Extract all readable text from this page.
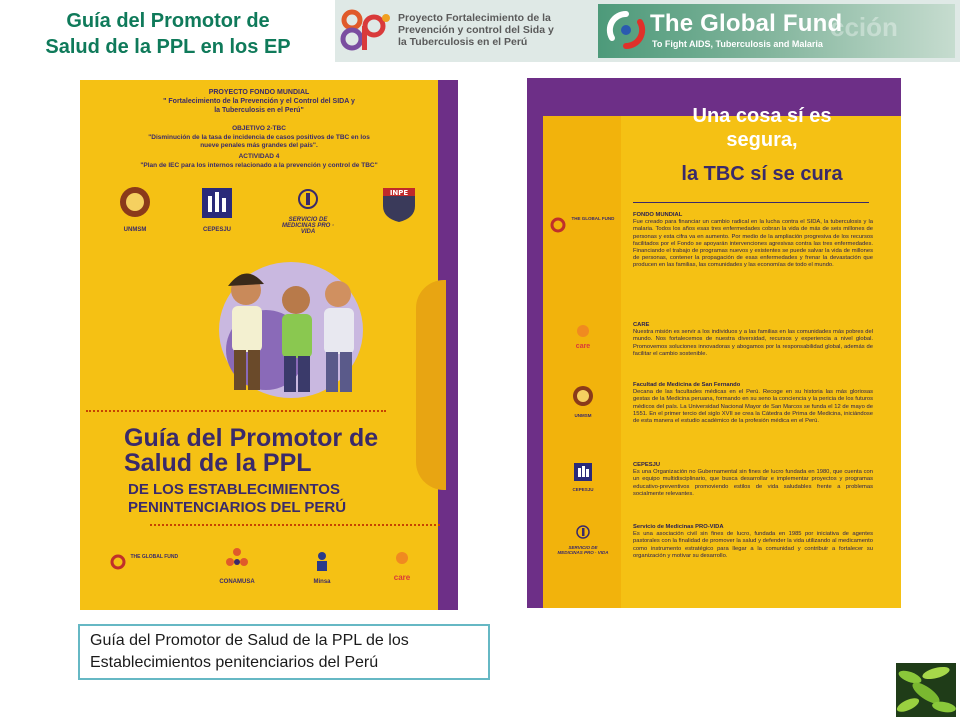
Guía del Promotor de
Salud de la PPL en los EP
Proyecto Fortalecimiento de la
Prevención y control del Sida y
la Tuberculosis en el Perú	cción
The Global Fund
To Fight AIDS, Tuberculosis and Malaria
PROYECTO FONDO MUNDIAL
" Fortalecimiento de la Prevención y el Control del SIDA y
la Tuberculosis en el Perú"
OBJETIVO 2-TBC
"Disminución de la tasa de incidencia de casos positivos de TBC en los
nueve penales más grandes del país".
ACTIVIDAD 4
"Plan de IEC para los internos relacionado a la prevención y control de TBC"
UNMSM	CEPESJU
SERVICIO DE MEDICINAS PRO · VIDA
INPE
Guía del Promotor de
Salud de la PPL
DE LOS ESTABLECIMIENTOS
PENINTENCIARIOS DEL PERÚ
$^{THE GLOBAL FUND}$
CONAMUSA	Minsa	care
Una cosa sí es
segura,
la TBC sí se cura
$^{THE GLOBAL FUND}$
care
UNMSM
CEPESJU
SERVICIO DE MEDICINAS PRO · VIDA
FONDO MUNDIAL

Fue creado para financiar un cambio radical en la lucha contra el SIDA, la tuberculosis y la malaria. Todos los años esas tres enfermedades cobran la vida de más de seis millones de personas y esta cifra va en aumento. Por medio de la ampliación progresiva de los recursos facilitados por el Fondo se apoyarán intervenciones agresivas contra las tres enfermedades. Financiando el trabajo de programas nuevos y existentes se puede salvar la vida de millones de personas, contener la propagación de esas enfermedades y frenar la devastación que producen en las familias, las comunidades y las economías de todo el mundo.

CARE

Nuestra misión es servir a los individuos y a las familias en las comunidades más pobres del mundo. Nos fortalecemos de nuestra diversidad, recursos y experiencia a nivel global. Promovemos soluciones innovadoras y abogamos por la responsabilidad global, además de facilitar el cambio sostenible.

Facultad de Medicina de San Fernando

Decana de las facultades médicas en el Perú. Recoge en su historia las más gloriosas gestas de la Medicina peruana, formando en su seno la conciencia y la pericia de los futuros médicos del país. La Universidad Nacional Mayor de San Marcos se funda el 12 de mayo de 1551. En el primer tercio del siglo XVII se crea la Cátedra de Prima de Medicina, iniciándose de esta manera el estudio académico de la profesión médica en el Perú.

CEPESJU

Es una Organización no Gubernamental sin fines de lucro fundada en 1980, que cuenta con un equipo multidisciplinario, que busca desarrollar e implementar proyectos y programas educativo-preventivos promoviendo estilos de vida saludables frente a problemas socialmente relevantes.

Servicio de Medicinas PRO-VIDA

Es una asociación civil sin fines de lucro, fundada en 1985 por iniciativa de agentes pastorales con la finalidad de promover la salud y defender la vida utilizando al medicamento como instrumento estratégico para llegar a la comunidad y contribuir a fortalecer su organización y motivar su desarrollo.

Guía del Promotor de Salud de la PPL de los
Establecimientos penitenciarios del Perú
